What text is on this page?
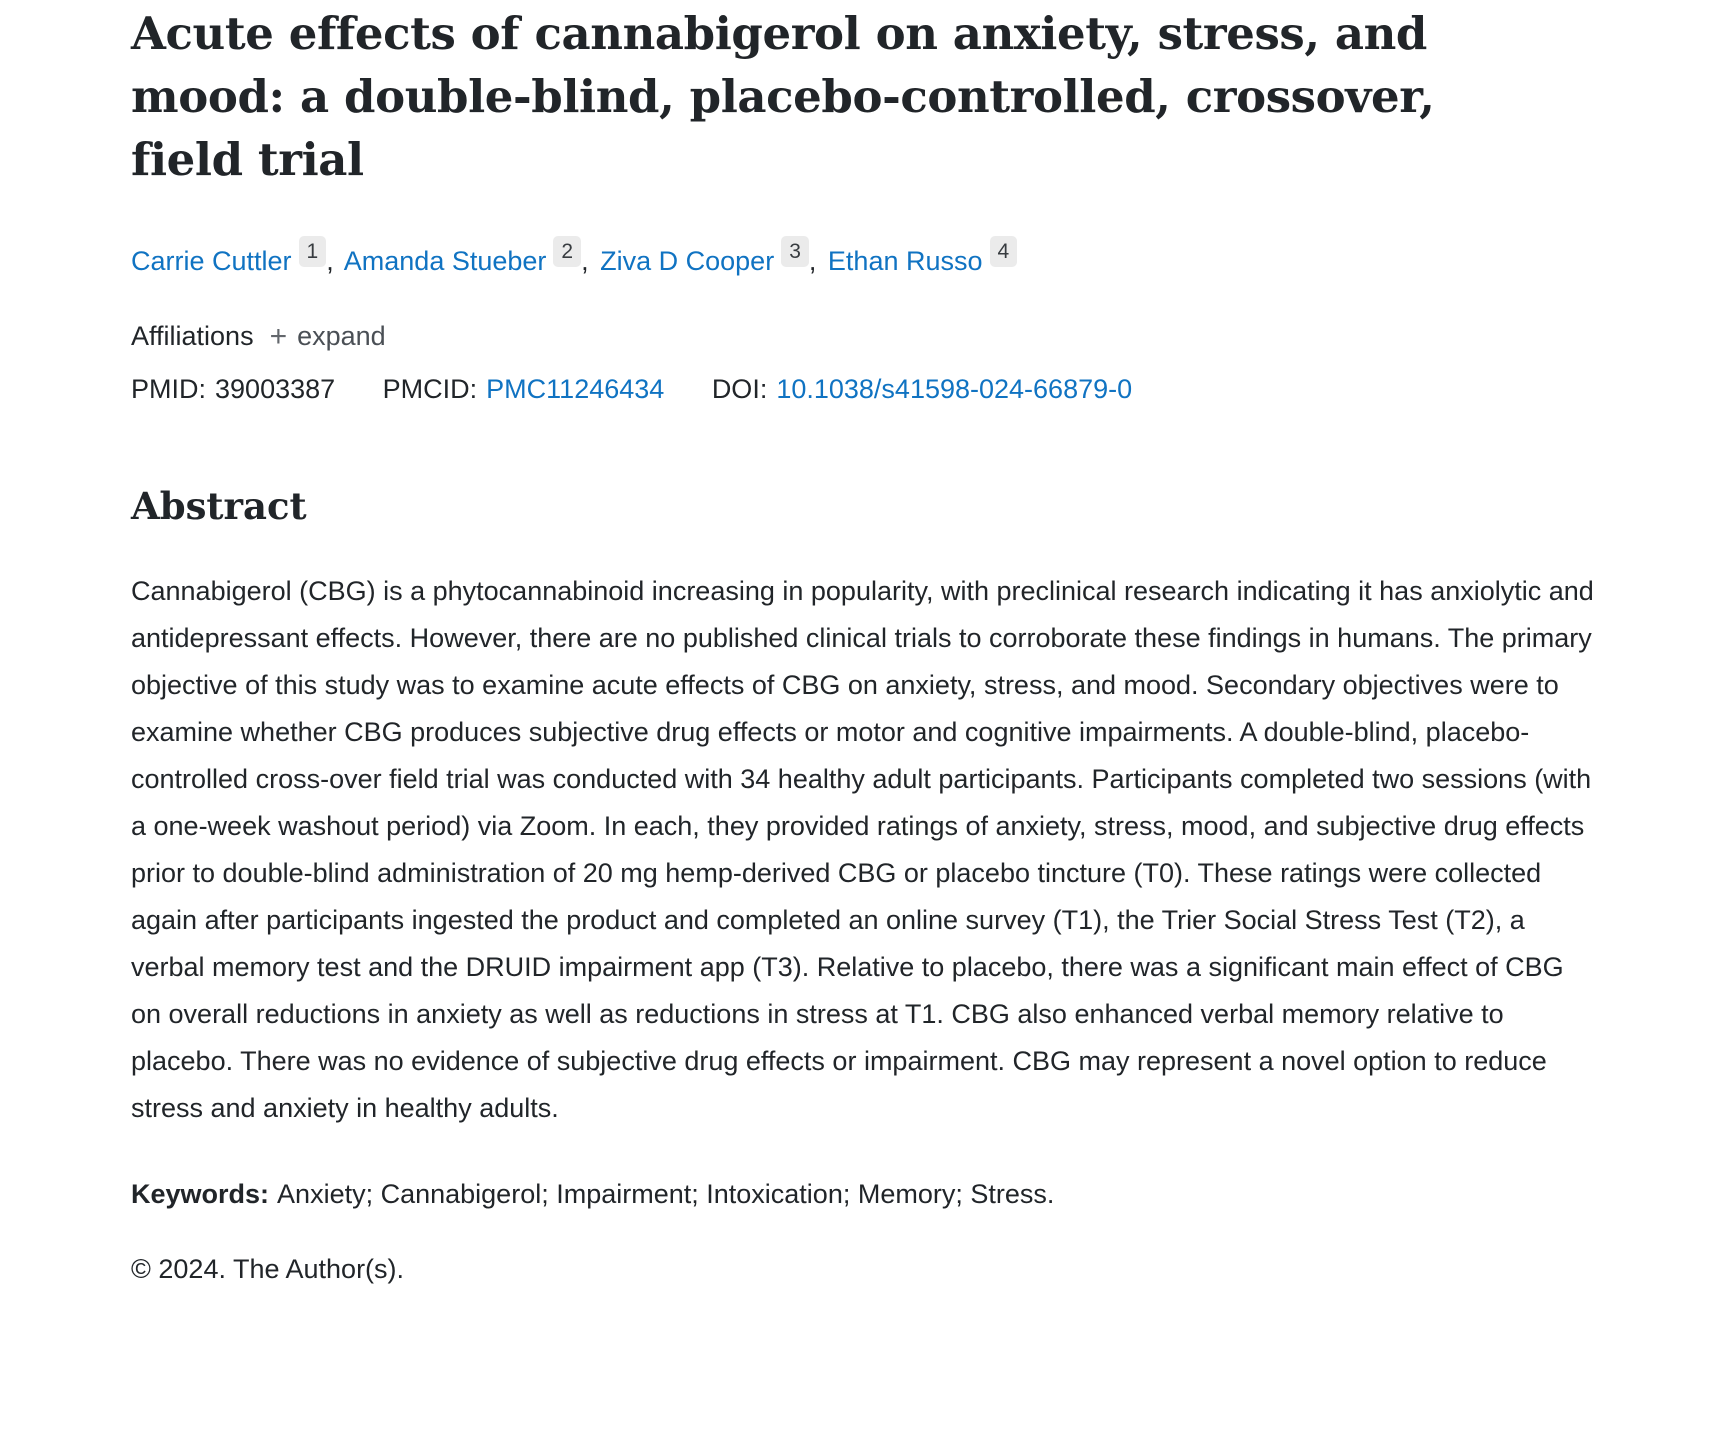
Acute effects of cannabigerol on anxiety, stress, and mood: a double-blind, placebo-controlled, crossover, field trial
Carrie Cuttler 1 , Amanda Stueber 2 , Ziva D Cooper 3 , Ethan Russo 4
Affiliations + expand
PMID: 39003387 PMCID: PMC11246434 DOI: 10.1038/s41598-024-66879-0
Abstract

Cannabigerol (CBG) is a phytocannabinoid increasing in popularity, with preclinical research indicating it has anxiolytic and antidepressant effects. However, there are no published clinical trials to corroborate these findings in humans. The primary objective of this study was to examine acute effects of CBG on anxiety, stress, and mood. Secondary objectives were to examine whether CBG produces subjective drug effects or motor and cognitive impairments. A double-blind, placebo-controlled cross-over field trial was conducted with 34 healthy adult participants. Participants completed two sessions (with a one-week washout period) via Zoom. In each, they provided ratings of anxiety, stress, mood, and subjective drug effects prior to double-blind administration of 20 mg hemp-derived CBG or placebo tincture (T0). These ratings were collected again after participants ingested the product and completed an online survey (T1), the Trier Social Stress Test (T2), a verbal memory test and the DRUID impairment app (T3). Relative to placebo, there was a significant main effect of CBG on overall reductions in anxiety as well as reductions in stress at T1. CBG also enhanced verbal memory relative to placebo. There was no evidence of subjective drug effects or impairment. CBG may represent a novel option to reduce stress and anxiety in healthy adults.

Keywords: Anxiety; Cannabigerol; Impairment; Intoxication; Memory; Stress.

© 2024. The Author(s).
